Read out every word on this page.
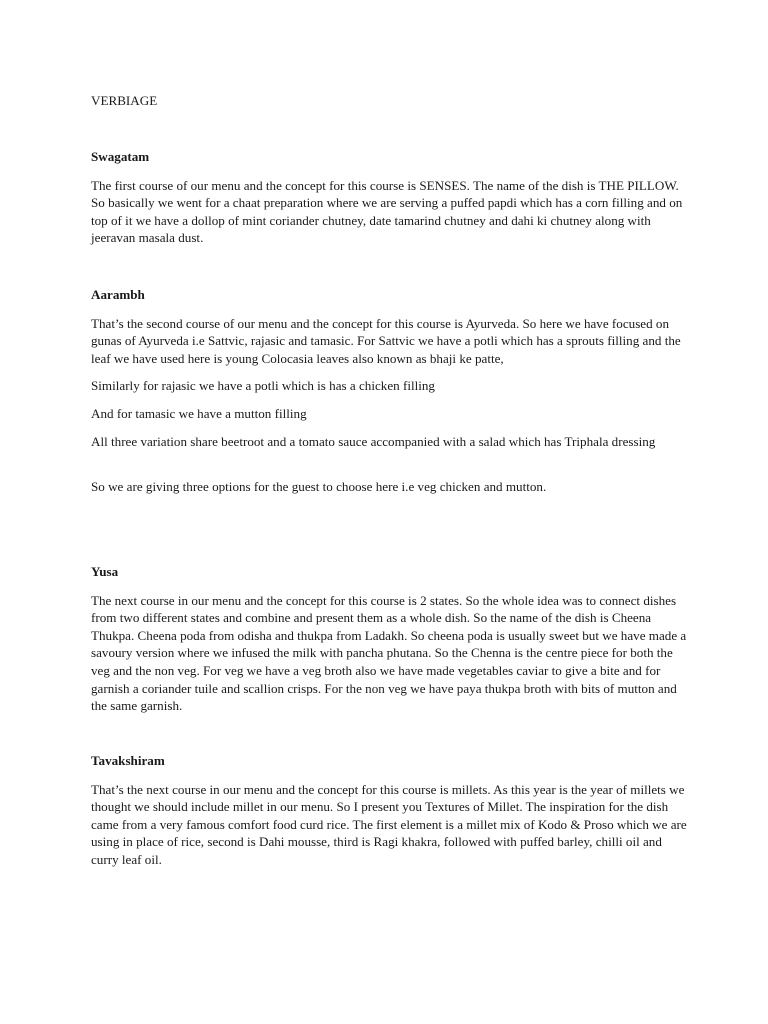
VERBIAGE

Swagatam

The first course of our menu and the concept for this course is SENSES. The name of the dish is THE PILLOW. So basically we went for a chaat preparation where we are serving a puffed papdi which has a corn filling and on top of it we have a dollop of mint coriander chutney, date tamarind chutney and dahi ki chutney along with jeeravan masala dust.

Aarambh

That’s the second course of our menu and the concept for this course is Ayurveda. So here we have focused on gunas of Ayurveda i.e Sattvic, rajasic and tamasic. For Sattvic we have a potli which has a sprouts filling and the leaf we have used here is young Colocasia leaves also known as bhaji ke patte,

Similarly for rajasic we have a potli which is has a chicken filling

And for tamasic we have a mutton filling

All three variation share beetroot and a tomato sauce accompanied with a salad which has Triphala dressing

So we are giving three options for the guest to choose here i.e veg chicken and mutton.

Yusa

The next course in our menu and the concept for this course is 2 states. So the whole idea was to connect dishes from two different states and combine and present them as a whole dish. So the name of the dish is Cheena Thukpa. Cheena poda from odisha and thukpa from Ladakh. So cheena poda is usually sweet but we have made a savoury version where we infused the milk with pancha phutana. So the Chenna is the centre piece for both the veg and the non veg. For veg we have a veg broth also we have made vegetables caviar to give a bite and for garnish a coriander tuile and scallion crisps. For the non veg we have paya thukpa broth with bits of mutton and the same garnish.

Tavakshiram

That’s the next course in our menu and the concept for this course is millets. As this year is the year of millets we thought we should include millet in our menu. So I present you Textures of Millet. The inspiration for the dish came from a very famous comfort food curd rice. The first element is a millet mix of Kodo & Proso which we are using in place of rice, second is Dahi mousse, third is Ragi khakra, followed with puffed barley, chilli oil and curry leaf oil.
